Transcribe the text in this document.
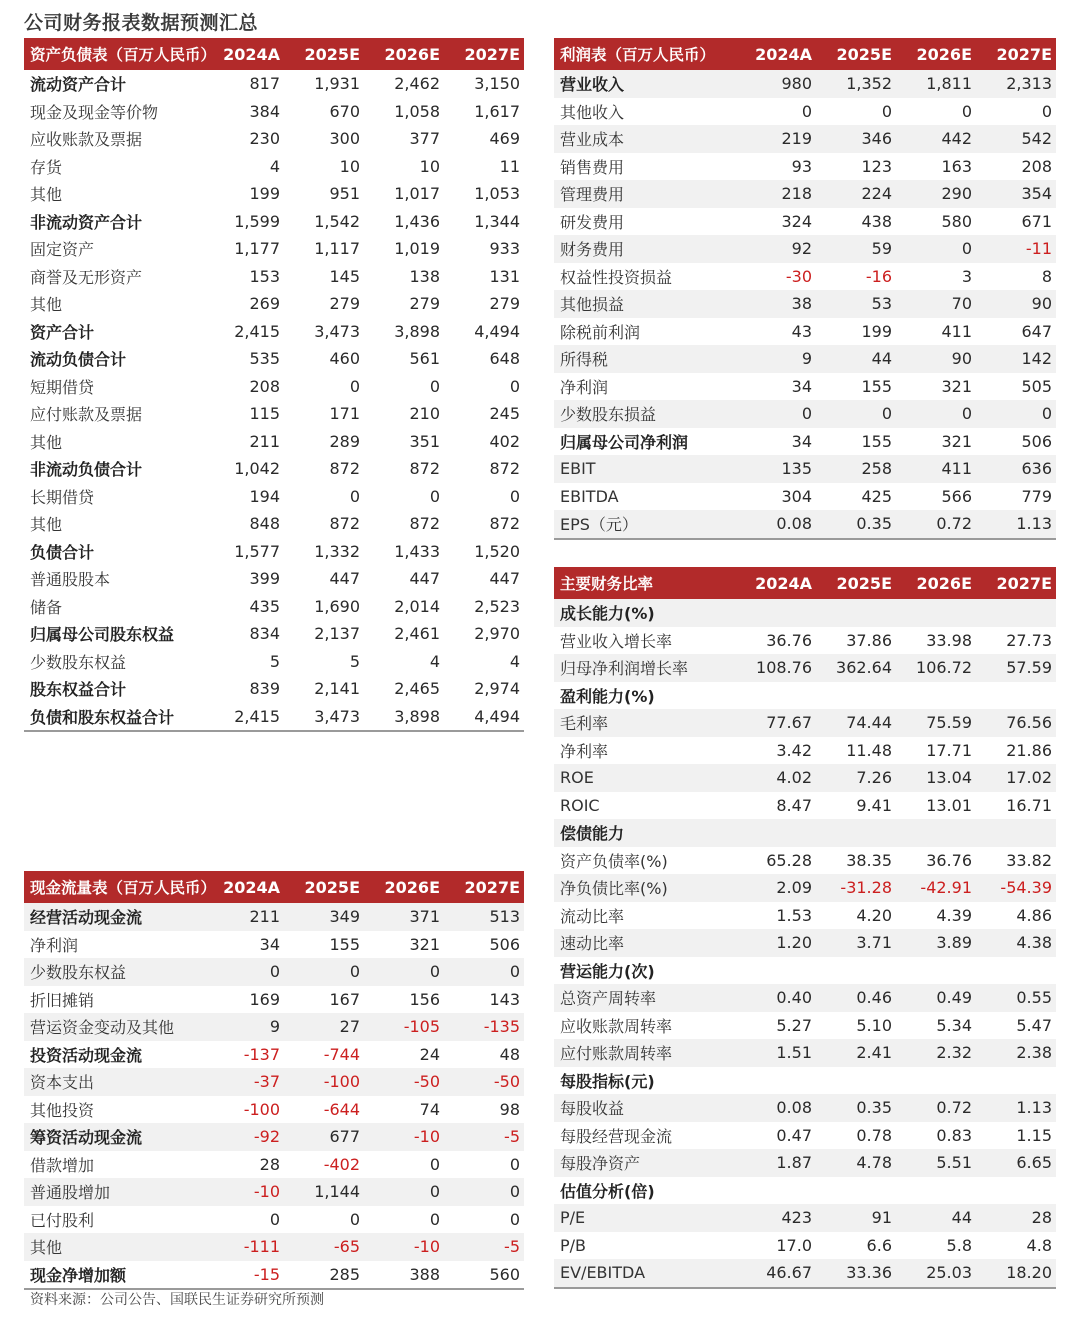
公司财务报表数据预测汇总
资产负债表（百万人民币）	2024A	2025E	2026E	2027E
流动资产合计	817	1,931	2,462	3,150
现金及现金等价物	384	670	1,058	1,617
应收账款及票据	230	300	377	469
存货	4	10	10	11
其他	199	951	1,017	1,053
非流动资产合计	1,599	1,542	1,436	1,344
固定资产	1,177	1,117	1,019	933
商誉及无形资产	153	145	138	131
其他	269	279	279	279
资产合计	2,415	3,473	3,898	4,494
流动负债合计	535	460	561	648
短期借贷	208	0	0	0
应付账款及票据	115	171	210	245
其他	211	289	351	402
非流动负债合计	1,042	872	872	872
长期借贷	194	0	0	0
其他	848	872	872	872
负债合计	1,577	1,332	1,433	1,520
普通股股本	399	447	447	447
储备	435	1,690	2,014	2,523
归属母公司股东权益	834	2,137	2,461	2,970
少数股东权益	5	5	4	4
股东权益合计	839	2,141	2,465	2,974
负债和股东权益合计	2,415	3,473	3,898	4,494
利润表（百万人民币）	2024A	2025E	2026E	2027E
营业收入	980	1,352	1,811	2,313
其他收入	0	0	0	0
营业成本	219	346	442	542
销售费用	93	123	163	208
管理费用	218	224	290	354
研发费用	324	438	580	671
财务费用	92	59	0	-11
权益性投资损益	-30	-16	3	8
其他损益	38	53	70	90
除税前利润	43	199	411	647
所得税	9	44	90	142
净利润	34	155	321	505
少数股东损益	0	0	0	0
归属母公司净利润	34	155	321	506
EBIT	135	258	411	636
EBITDA	304	425	566	779
EPS（元）	0.08	0.35	0.72	1.13
主要财务比率	2024A	2025E	2026E	2027E
成长能力(%)				
营业收入增长率	36.76	37.86	33.98	27.73
归母净利润增长率	108.76	362.64	106.72	57.59
盈利能力(%)				
毛利率	77.67	74.44	75.59	76.56
净利率	3.42	11.48	17.71	21.86
ROE	4.02	7.26	13.04	17.02
ROIC	8.47	9.41	13.01	16.71
偿债能力				
资产负债率(%)	65.28	38.35	36.76	33.82
净负债比率(%)	2.09	-31.28	-42.91	-54.39
流动比率	1.53	4.20	4.39	4.86
速动比率	1.20	3.71	3.89	4.38
营运能力(次)				
总资产周转率	0.40	0.46	0.49	0.55
应收账款周转率	5.27	5.10	5.34	5.47
应付账款周转率	1.51	2.41	2.32	2.38
每股指标(元)				
每股收益	0.08	0.35	0.72	1.13
每股经营现金流	0.47	0.78	0.83	1.15
每股净资产	1.87	4.78	5.51	6.65
估值分析(倍)				
P/E	423	91	44	28
P/B	17.0	6.6	5.8	4.8
EV/EBITDA	46.67	33.36	25.03	18.20
现金流量表（百万人民币）	2024A	2025E	2026E	2027E
经营活动现金流	211	349	371	513
净利润	34	155	321	506
少数股东权益	0	0	0	0
折旧摊销	169	167	156	143
营运资金变动及其他	9	27	-105	-135
投资活动现金流	-137	-744	24	48
资本支出	-37	-100	-50	-50
其他投资	-100	-644	74	98
筹资活动现金流	-92	677	-10	-5
借款增加	28	-402	0	0
普通股增加	-10	1,144	0	0
已付股利	0	0	0	0
其他	-111	-65	-10	-5
现金净增加额	-15	285	388	560
资料来源：公司公告、国联民生证券研究所预测
